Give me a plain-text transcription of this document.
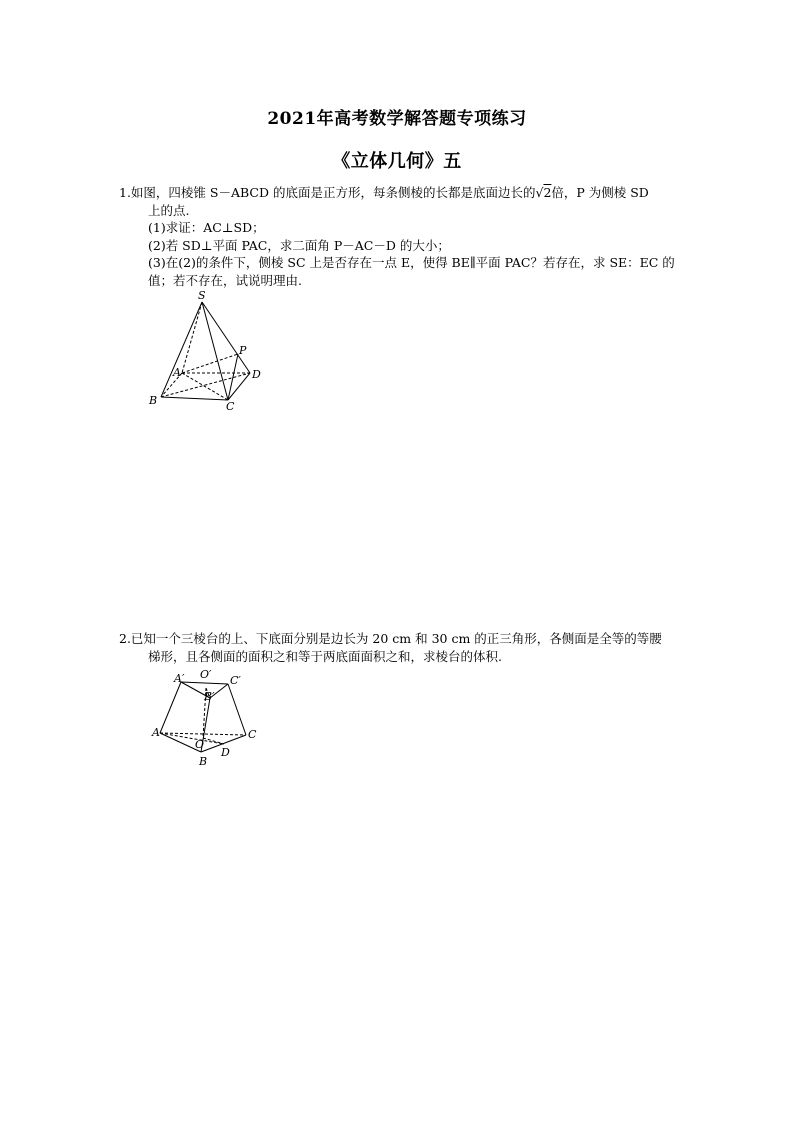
2021年高考数学解答题专项练习
《立体几何》五
1.如图，四棱锥 S－ABCD 的底面是正方形，每条侧棱的长都是底面边长的√2倍，P 为侧棱 SD
上的点.
(1)求证：AC⊥SD；
(2)若 SD⊥平面 PAC，求二面角 P－AC－D 的大小；
(3)在(2)的条件下，侧棱 SC 上是否存在一点 E，使得 BE∥平面 PAC？若存在，求 SE：EC 的
值；若不存在，试说明理由.
S
P
A	D
B	C
2.已知一个三棱台的上、下底面分别是边长为 20 cm 和 30 cm 的正三角形，各侧面是全等的等腰
梯形，且各侧面的面积之和等于两底面面积之和，求棱台的体积.
A′ O′ C′
B′
A
O
D
C
B
